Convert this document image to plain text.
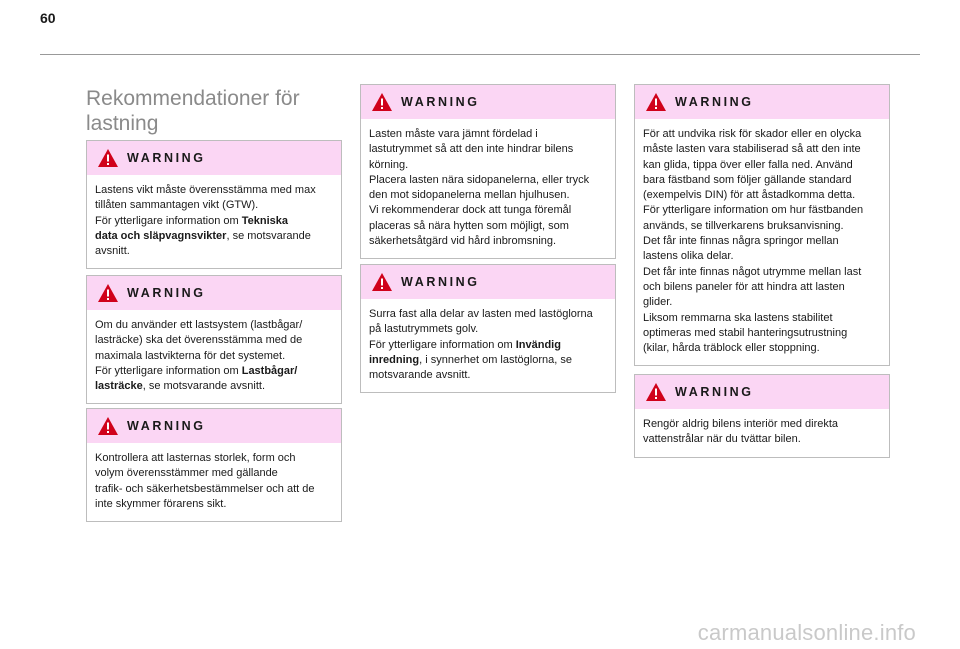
60
Rekommendationer för lastning
WARNING

Lastens vikt måste överensstämma med max

tillåten sammantagen vikt (GTW).

För ytterligare information om Tekniska

data och släpvagnsvikter, se motsvarande

avsnitt.

WARNING

Om du använder ett lastsystem (lastbågar/

lasträcke) ska det överensstämma med de

maximala lastvikterna för det systemet.

För ytterligare information om Lastbågar/

lasträcke, se motsvarande avsnitt.

WARNING

Kontrollera att lasternas storlek, form och

volym överensstämmer med gällande

trafik- och säkerhetsbestämmelser och att de

inte skymmer förarens sikt.

WARNING

Lasten måste vara jämnt fördelad i

lastutrymmet så att den inte hindrar bilens

körning.

Placera lasten nära sidopanelerna, eller tryck

den mot sidopanelerna mellan hjulhusen.

Vi rekommenderar dock att tunga föremål

placeras så nära hytten som möjligt, som

säkerhetsåtgärd vid hård inbromsning.

WARNING

Surra fast alla delar av lasten med lastöglorna

på lastutrymmets golv.

För ytterligare information om Invändig

inredning, i synnerhet om lastöglorna, se

motsvarande avsnitt.

WARNING

För att undvika risk för skador eller en olycka

måste lasten vara stabiliserad så att den inte

kan glida, tippa över eller falla ned. Använd

bara fästband som följer gällande standard

(exempelvis DIN) för att åstadkomma detta.

För ytterligare information om hur fästbanden

används, se tillverkarens bruksanvisning.

Det får inte finnas några springor mellan

lastens olika delar.

Det får inte finnas något utrymme mellan last

och bilens paneler för att hindra att lasten

glider.

Liksom remmarna ska lastens stabilitet

optimeras med stabil hanteringsutrustning

(kilar, hårda träblock eller stoppning.

WARNING

Rengör aldrig bilens interiör med direkta

vattenstrålar när du tvättar bilen.

carmanualsonline.info
